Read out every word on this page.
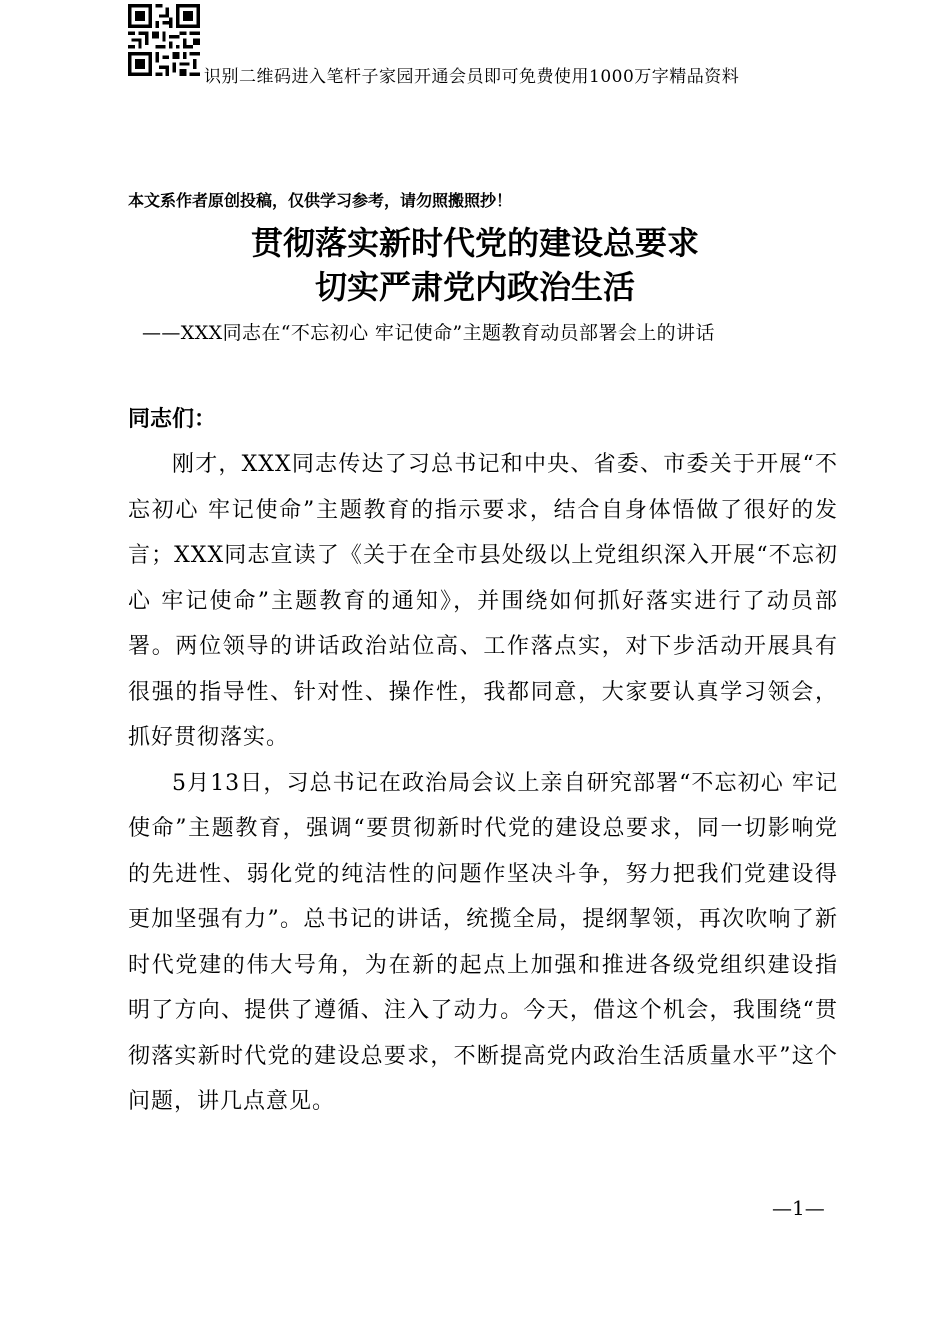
识别二维码进入笔杆子家园开通会员即可免费使用1000万字精品资料
本文系作者原创投稿，仅供学习参考，请勿照搬照抄！
贯彻落实新时代党的建设总要求
切实严肃党内政治生活
——XXX同志在“不忘初心 牢记使命”主题教育动员部署会上的讲话
同志们：

刚才，XXX同志传达了习总书记和中央、省委、市委关于开展“不忘初心 牢记使命”主题教育的指示要求，结合自身体悟做了很好的发言；XXX同志宣读了《关于在全市县处级以上党组织深入开展“不忘初心 牢记使命”主题教育的通知》，并围绕如何抓好落实进行了动员部署。两位领导的讲话政治站位高、工作落点实，对下步活动开展具有很强的指导性、针对性、操作性，我都同意，大家要认真学习领会，抓好贯彻落实。

5月13日，习总书记在政治局会议上亲自研究部署“不忘初心 牢记使命”主题教育，强调“要贯彻新时代党的建设总要求，同一切影响党的先进性、弱化党的纯洁性的问题作坚决斗争，努力把我们党建设得更加坚强有力”。总书记的讲话，统揽全局，提纲挈领，再次吹响了新时代党建的伟大号角，为在新的起点上加强和推进各级党组织建设指明了方向、提供了遵循、注入了动力。今天，借这个机会，我围绕“贯彻落实新时代党的建设总要求，不断提高党内政治生活质量水平”这个问题，讲几点意见。

—1—
